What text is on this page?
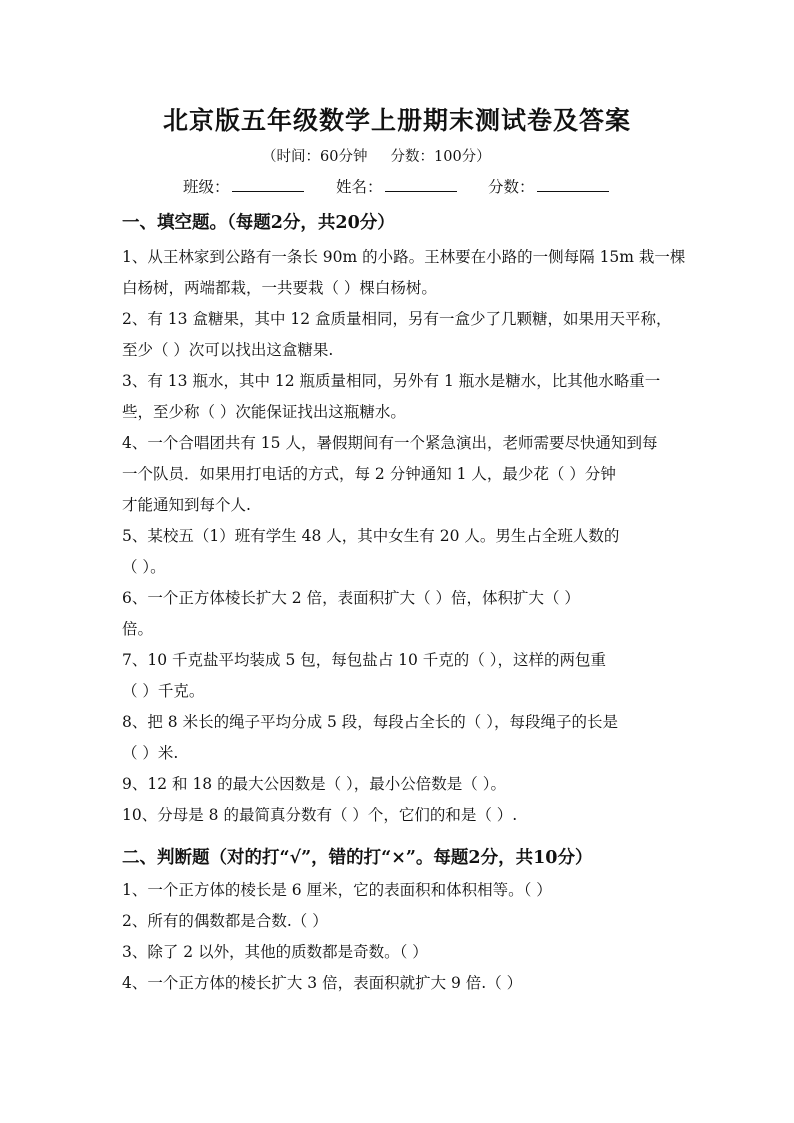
北京版五年级数学上册期末测试卷及答案
（时间：60分钟     分数：100分）
班级：	姓名：	分数：
一、填空题。（每题2分，共20分）
1、从王林家到公路有一条长 90m 的小路。王林要在小路的一侧每隔 15m 栽一棵
白杨树，两端都栽，一共要栽（ ）棵白杨树。
2、有 13 盒糖果，其中 12 盒质量相同，另有一盒少了几颗糖，如果用天平称，
至少（ ）次可以找出这盒糖果.
3、有 13 瓶水，其中 12 瓶质量相同，另外有 1 瓶水是糖水，比其他水略重一
些，至少称（ ）次能保证找出这瓶糖水。
4、一个合唱团共有 15 人，暑假期间有一个紧急演出，老师需要尽快通知到每
一个队员．如果用打电话的方式，每 2 分钟通知 1 人，最少花（ ）分钟
才能通知到每个人.
5、某校五（1）班有学生 48 人，其中女生有 20 人。男生占全班人数的
（ ）。
6、一个正方体棱长扩大 2 倍，表面积扩大（ ）倍，体积扩大（ ）
倍。
7、10 千克盐平均装成 5 包，每包盐占 10 千克的（ ），这样的两包重
（ ）千克。
8、把 8 米长的绳子平均分成 5 段，每段占全长的（ ），每段绳子的长是
（ ）米.
9、12 和 18 的最大公因数是（ ），最小公倍数是（ ）。
10、分母是 8 的最简真分数有（ ）个，它们的和是（ ）.
二、判断题（对的打“√”，错的打“×”。每题2分，共10分）
1、一个正方体的棱长是 6 厘米，它的表面积和体积相等。（ ）
2、所有的偶数都是合数.（ ）
3、除了 2 以外，其他的质数都是奇数。（ ）
4、一个正方体的棱长扩大 3 倍，表面积就扩大 9 倍.（ ）
